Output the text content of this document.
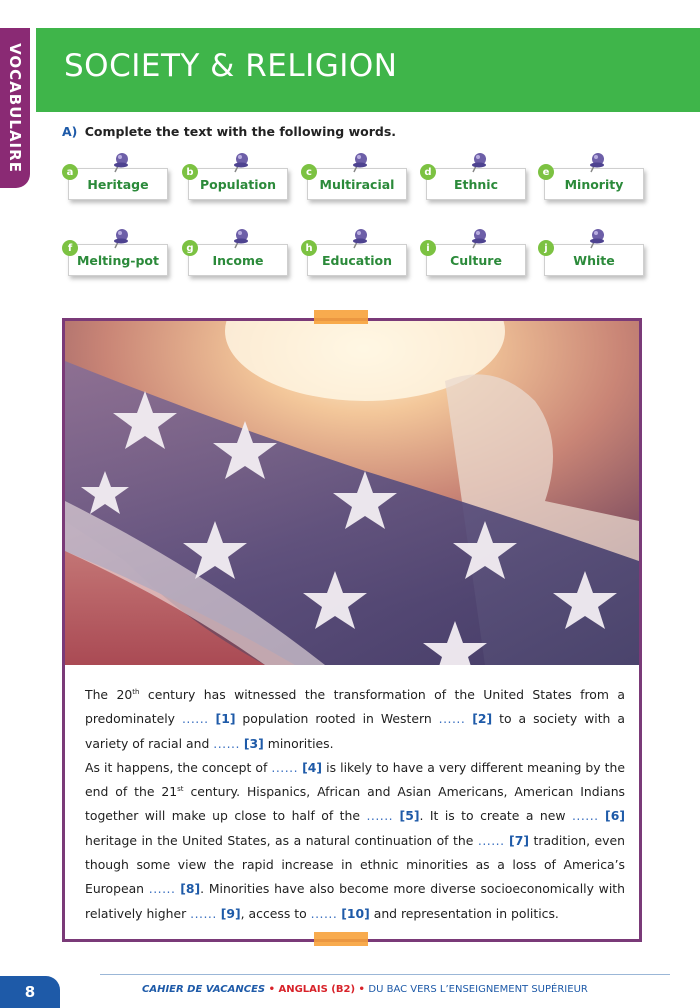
VOCABULAIRE SOCIETY & RELIGION
A) Complete the text with the following words.
Heritage
a
Population
b
Multiracial
c
Ethnic
d
Minority
e
Melting-pot
f
Income
g
Education
h
Culture
i
White
j

The 20th century has witnessed the transformation of the United States from a predominately ...... [1] population rooted in Western ...... [2] to a society with a variety of racial and ...... [3] minorities.

As it happens, the concept of ...... [4] is likely to have a very different meaning by the end of the 21st century. Hispanics, African and Asian Americans, American Indians together will make up close to half of the ...... [5]. It is to create a new ...... [6] heritage in the United States, as a natural continuation of the ...... [7] tradition, even though some view the rapid increase in ethnic minorities as a loss of America’s European ...... [8]. Minorities have also become more diverse socioeconomically with relatively higher ...... [9], access to ...... [10] and representation in politics.

8	CAHIER DE VACANCES • ANGLAIS (B2) • DU BAC VERS L’ENSEIGNEMENT SUPÉRIEUR
